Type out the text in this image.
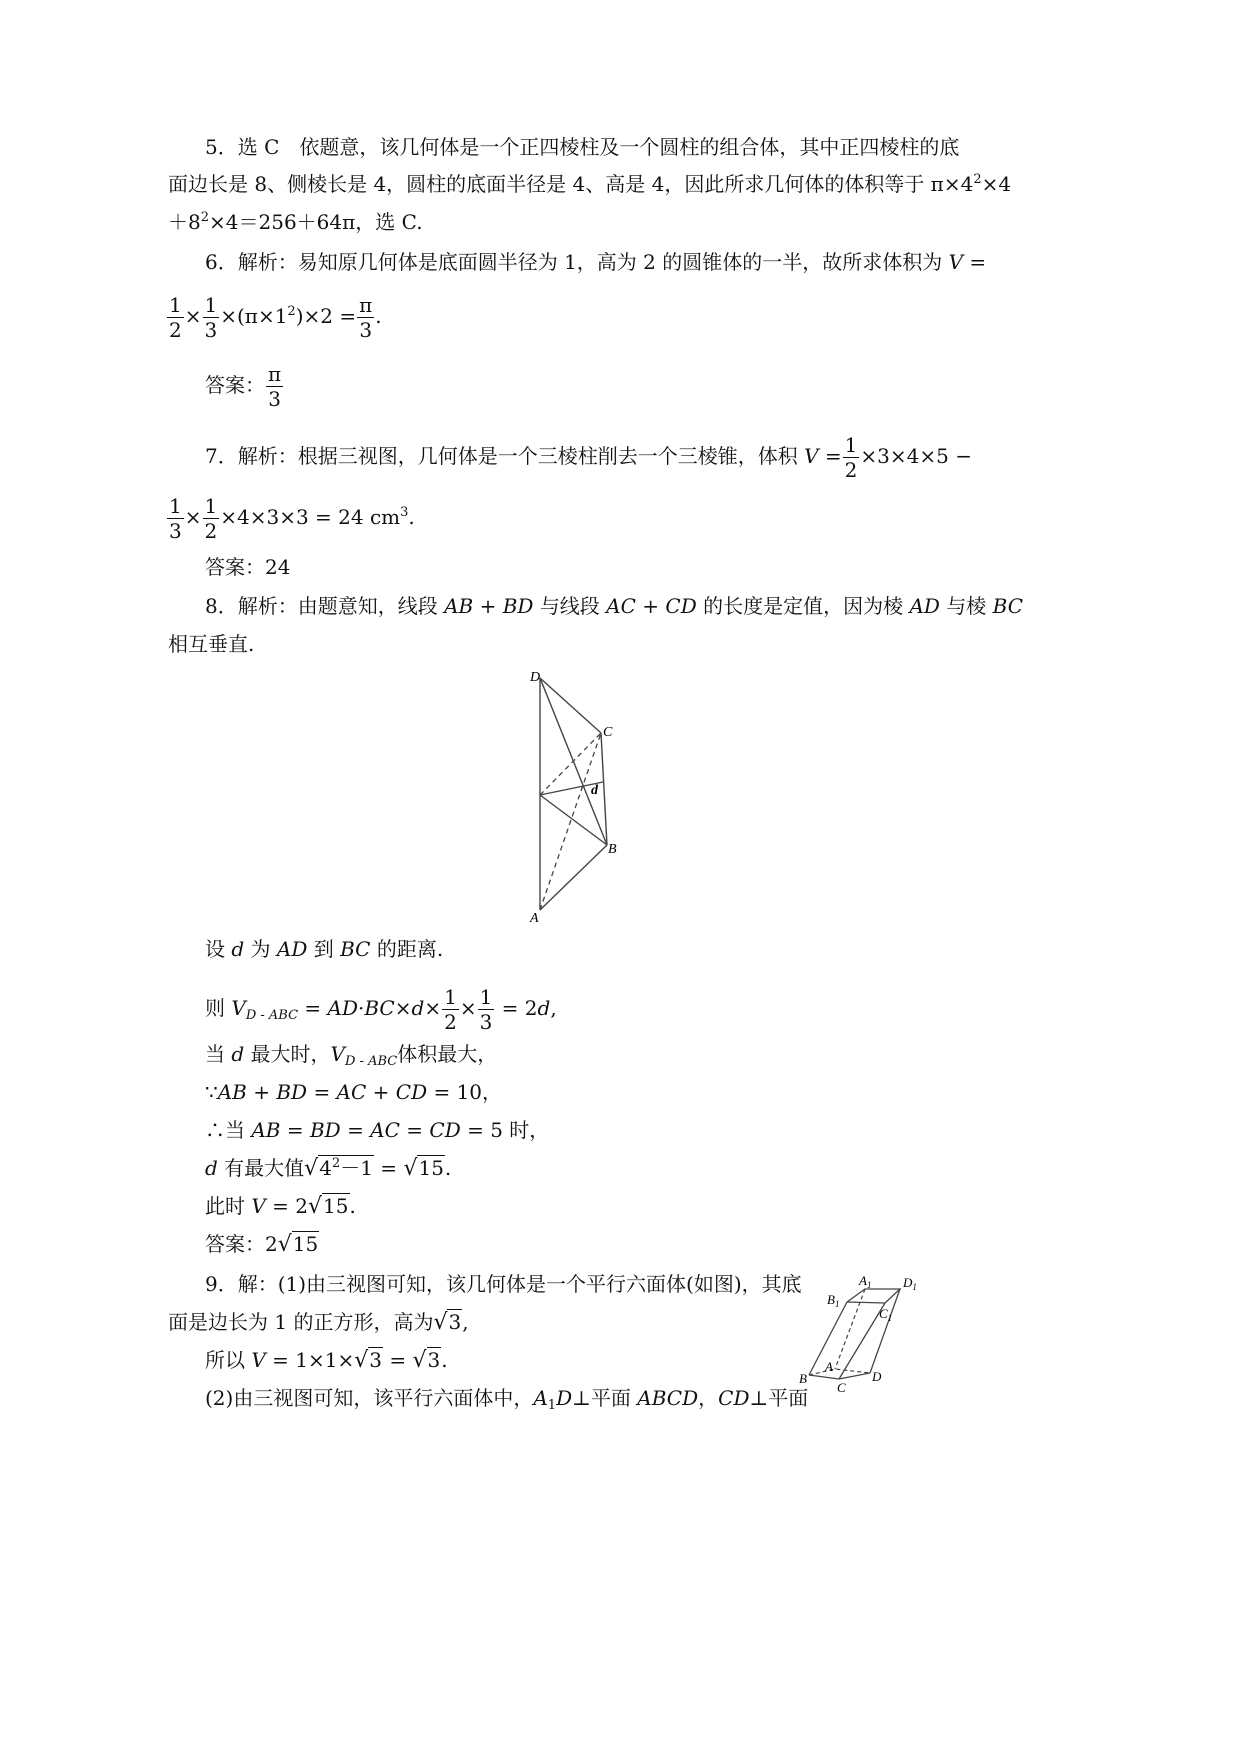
5．选 C　依题意，该几何体是一个正四棱柱及一个圆柱的组合体，其中正四棱柱的底
面边长是 8、侧棱长是 4，圆柱的底面半径是 4、高是 4，因此所求几何体的体积等于 $\pi\times 4^2\times 4$
$+8^2\times 4=256+64\pi$，选 C.
6．解析：易知原几何体是底面圆半径为 1，高为 2 的圆锥体的一半，故所求体积为 V =
$\frac{1}{2} \times \frac{1}{3} \times(\pi\times 1^2)\times 2 = \frac{\pi}{3}$ .
答案： $\frac{\pi}{3}$
7．解析：根据三视图，几何体是一个三棱柱削去一个三棱锥，体积 $V = \frac{1}{2} \times 3\times 4\times 5$ −
$\frac{1}{3} \times \frac{1}{2} \times 4\times 3\times 3 = 24$ $cm^3$.
答案：24
8．解析：由题意知，线段 AB + BD 与线段 AC + CD 的长度是定值，因为棱 AD 与棱 BC
相互垂直.
D
C
d
B
A
设 d 为 AD 到 BC 的距离.
则 $V_{D - ABC} = AD\cdot BC\times d\times \frac{1}{2} \times \frac{1}{3} = 2d$,
当 d 最大时，$V_{D - ABC}$体积最大，
∵AB + BD = AC + CD = 10，
∴当 AB = BD = AC = CD = 5 时，
d 有最大值$√4^2-1 = √15$.
此时 V = 2√15.
答案：2√15
9．解：(1)由三视图可知，该几何体是一个平行六面体(如图)，其底
面是边长为 1 的正方形，高为√3,
所以 V = 1×1×√3 = √3.
(2)由三视图可知，该平行六面体中，$A_1D\perp$平面 ABCD，CD⊥平面
$A_1$ $D_1$
$B_1$
$C_1$
A
B
C
D
